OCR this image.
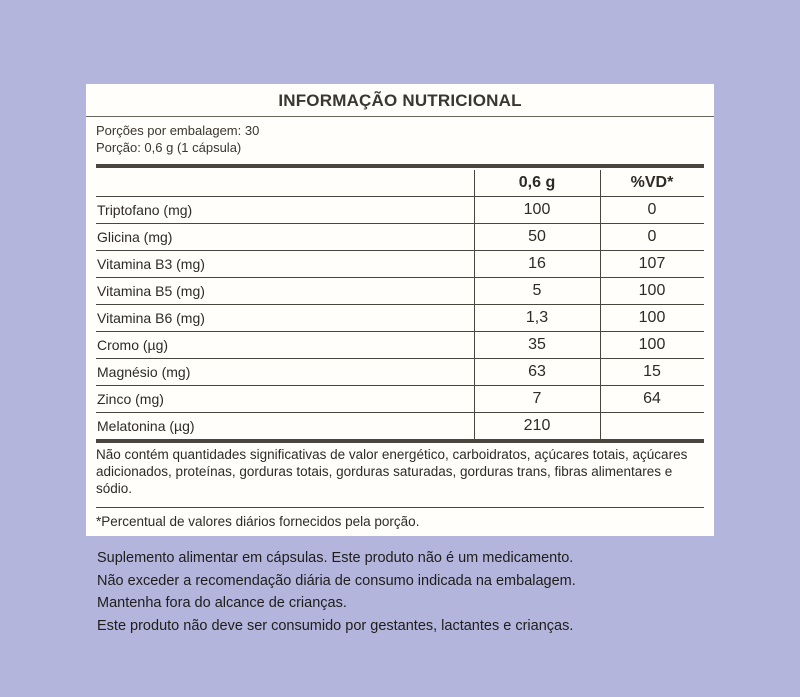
INFORMAÇÃO NUTRICIONAL
Porções por embalagem: 30
Porção: 0,6 g (1 cápsula)
0,6 g	%VD*
Triptofano (mg)	100	0
Glicina (mg)	50	0
Vitamina B3 (mg)	16	107
Vitamina B5 (mg)	5	100
Vitamina B6 (mg)	1,3	100
Cromo (µg)	35	100
Magnésio (mg)	63	15
Zinco (mg)	7	64
Melatonina (µg)	210
Não contém quantidades significativas de valor energético, carboidratos, açúcares totais, açúcares adicionados, proteínas, gorduras totais, gorduras saturadas, gorduras trans, fibras alimentares e sódio.
*Percentual de valores diários fornecidos pela porção.
Suplemento alimentar em cápsulas. Este produto não é um medicamento.
Não exceder a recomendação diária de consumo indicada na embalagem.
Mantenha fora do alcance de crianças.
Este produto não deve ser consumido por gestantes, lactantes e crianças.
